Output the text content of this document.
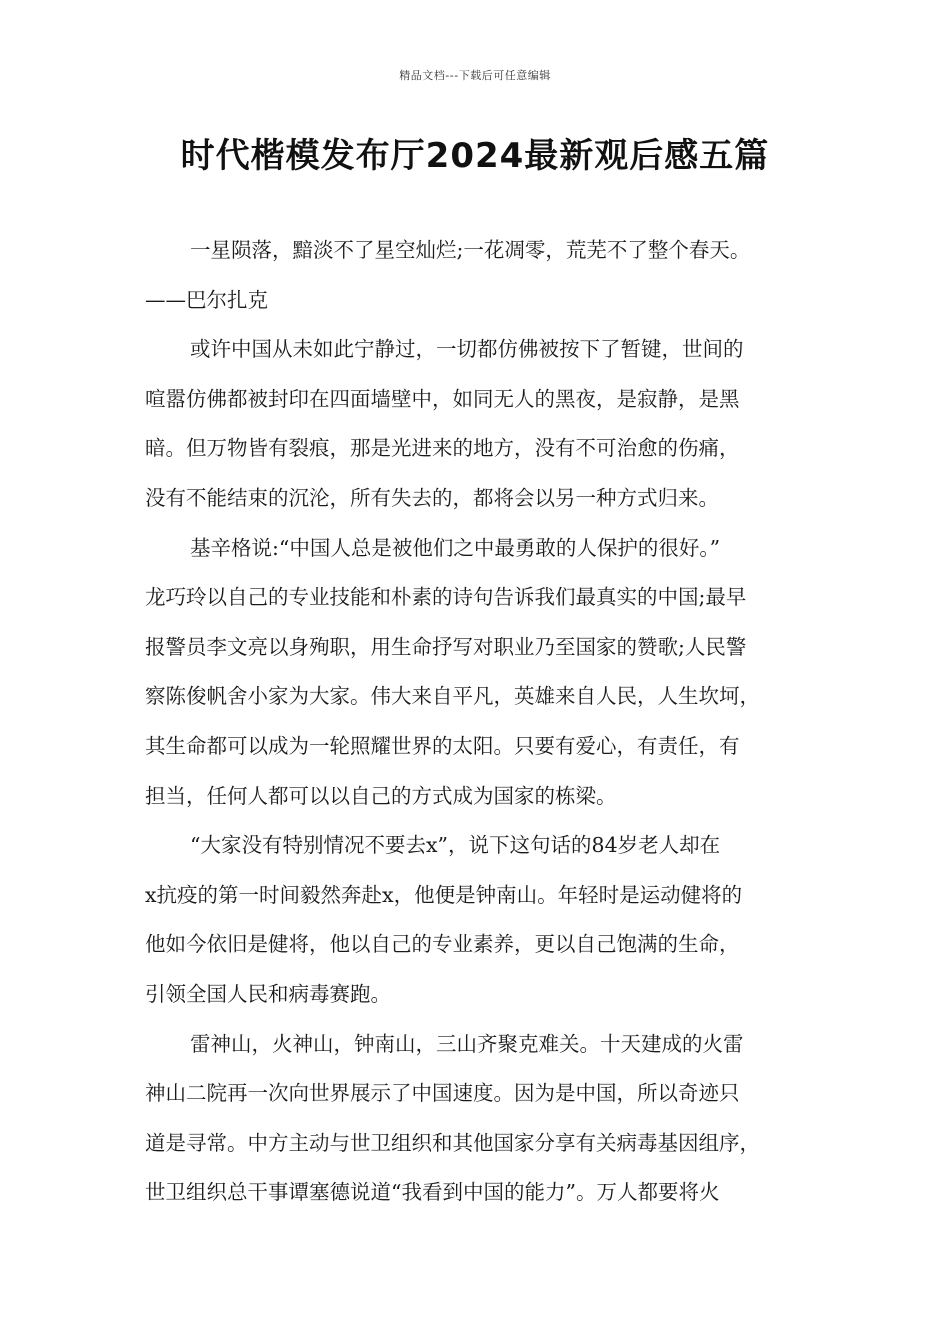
精品文档---下载后可任意编辑
时代楷模发布厅2024最新观后感五篇
一星陨落，黯淡不了星空灿烂;一花凋零，荒芜不了整个春天。
——巴尔扎克
或许中国从未如此宁静过，一切都仿佛被按下了暂键，世间的
喧嚣仿佛都被封印在四面墙壁中，如同无人的黑夜，是寂静，是黑
暗。但万物皆有裂痕，那是光进来的地方，没有不可治愈的伤痛，
没有不能结束的沉沦，所有失去的，都将会以另一种方式归来。
基辛格说:“中国人总是被他们之中最勇敢的人保护的很好。”
龙巧玲以自己的专业技能和朴素的诗句告诉我们最真实的中国;最早
报警员李文亮以身殉职，用生命抒写对职业乃至国家的赞歌;人民警
察陈俊帆舍小家为大家。伟大来自平凡，英雄来自人民，人生坎坷，
其生命都可以成为一轮照耀世界的太阳。只要有爱心，有责任，有
担当，任何人都可以以自己的方式成为国家的栋梁。
“大家没有特别情况不要去x”，说下这句话的84岁老人却在
x抗疫的第一时间毅然奔赴x，他便是钟南山。年轻时是运动健将的
他如今依旧是健将，他以自己的专业素养，更以自己饱满的生命，
引领全国人民和病毒赛跑。
雷神山，火神山，钟南山，三山齐聚克难关。十天建成的火雷
神山二院再一次向世界展示了中国速度。因为是中国，所以奇迹只
道是寻常。中方主动与世卫组织和其他国家分享有关病毒基因组序，
世卫组织总干事谭塞德说道“我看到中国的能力”。万人都要将火
